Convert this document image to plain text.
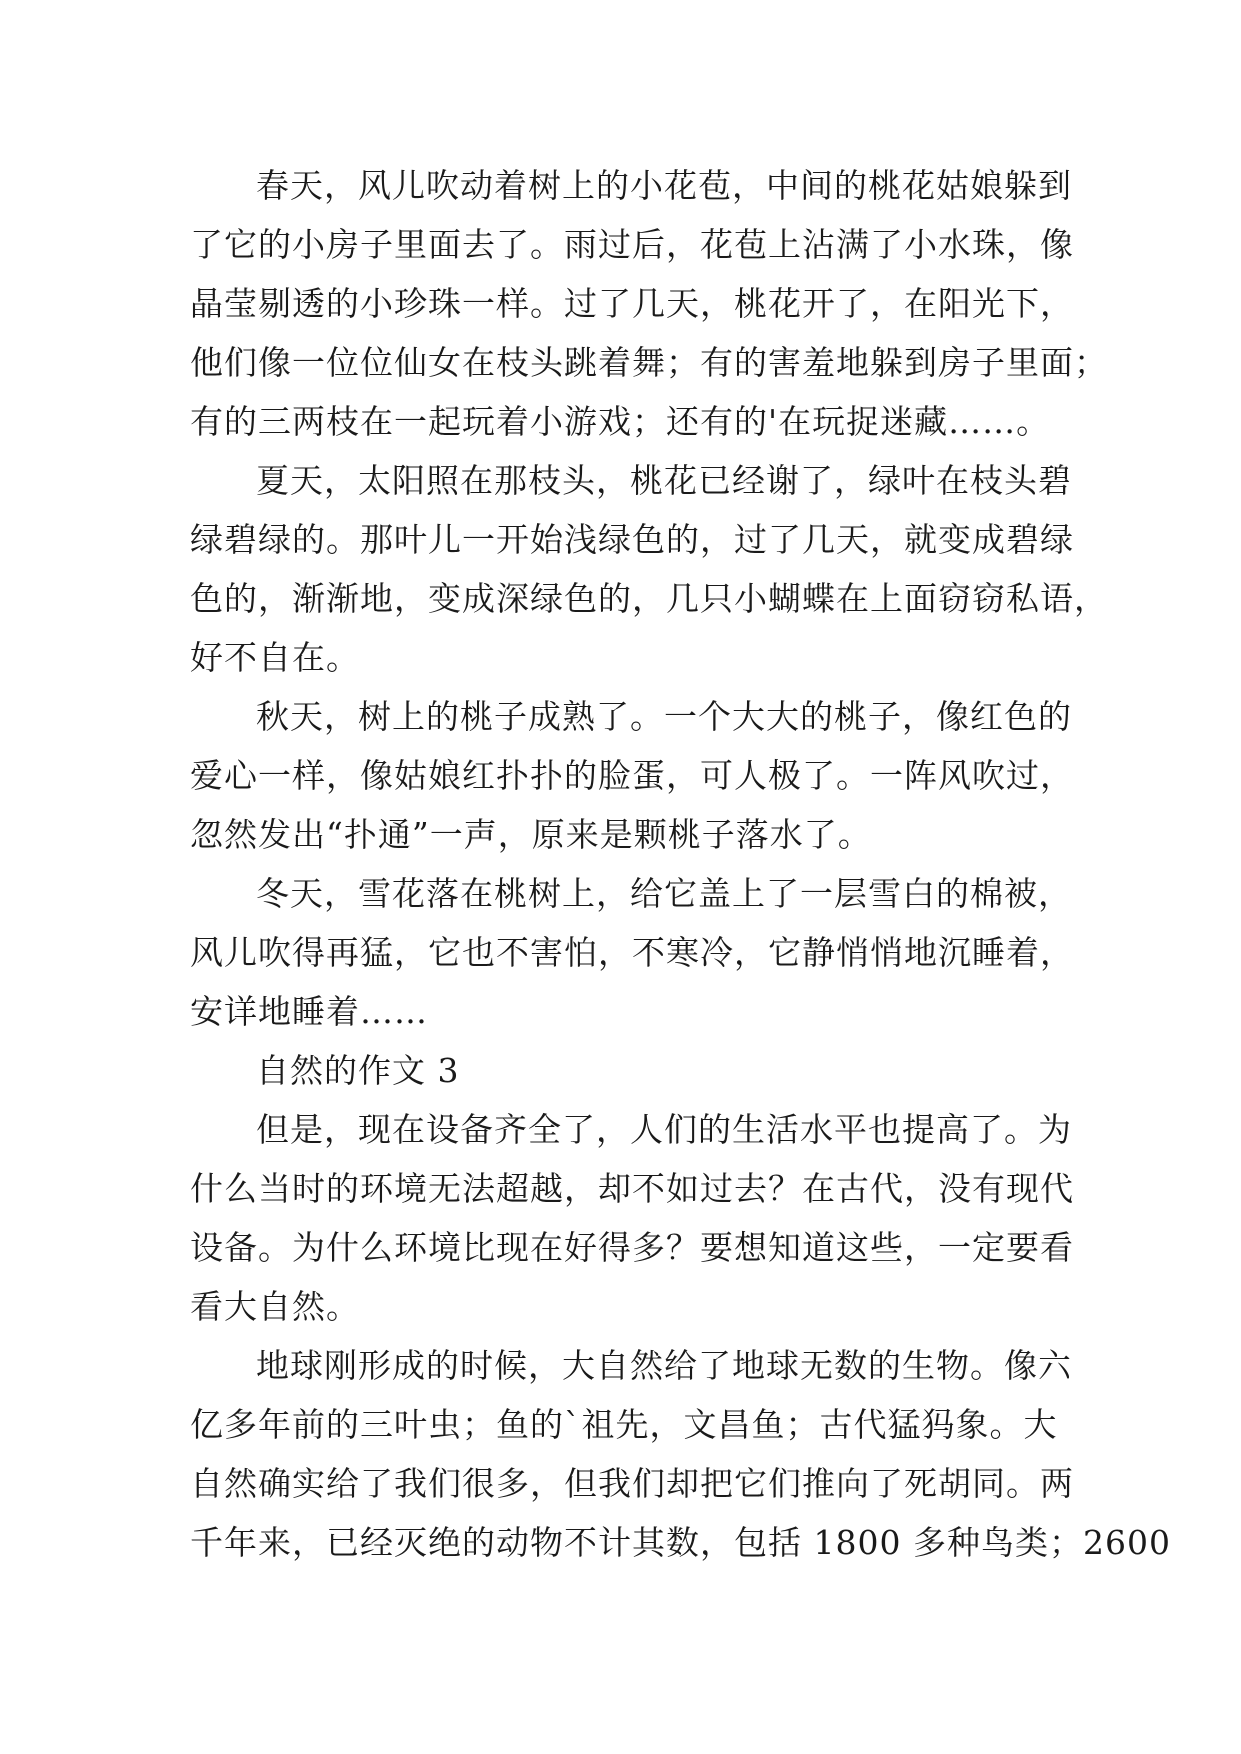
春天，风儿吹动着树上的小花苞，中间的桃花姑娘躲到
了它的小房子里面去了。雨过后，花苞上沾满了小水珠，像
晶莹剔透的小珍珠一样。过了几天，桃花开了，在阳光下，
他们像一位位仙女在枝头跳着舞；有的害羞地躲到房子里面；
有的三两枝在一起玩着小游戏；还有的'在玩捉迷藏……。
夏天，太阳照在那枝头，桃花已经谢了，绿叶在枝头碧
绿碧绿的。那叶儿一开始浅绿色的，过了几天，就变成碧绿
色的，渐渐地，变成深绿色的，几只小蝴蝶在上面窃窃私语，
好不自在。
秋天，树上的桃子成熟了。一个大大的桃子，像红色的
爱心一样，像姑娘红扑扑的脸蛋，可人极了。一阵风吹过，
忽然发出“扑通”一声，原来是颗桃子落水了。
冬天，雪花落在桃树上，给它盖上了一层雪白的棉被，
风儿吹得再猛，它也不害怕，不寒冷，它静悄悄地沉睡着，
安详地睡着……
自然的作文 3
但是，现在设备齐全了，人们的生活水平也提高了。为
什么当时的环境无法超越，却不如过去？在古代，没有现代
设备。为什么环境比现在好得多？要想知道这些，一定要看
看大自然。
地球刚形成的时候，大自然给了地球无数的生物。像六
亿多年前的三叶虫；鱼的`祖先，文昌鱼；古代猛犸象。大
自然确实给了我们很多，但我们却把它们推向了死胡同。两
千年来，已经灭绝的动物不计其数，包括 1800 多种鸟类；2600
